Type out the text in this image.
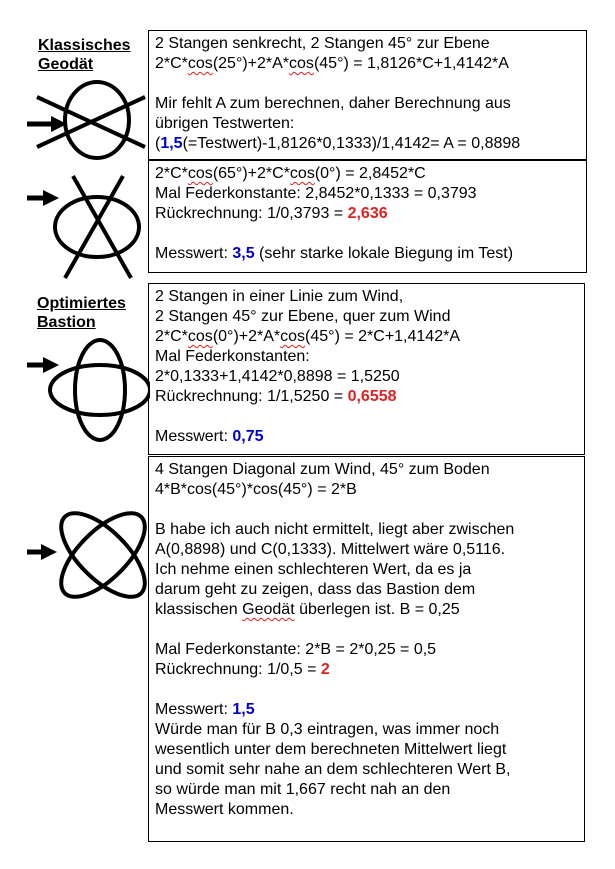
Klassisches
Geodät
Optimiertes
Bastion
2 Stangen senkrecht, 2 Stangen 45° zur Ebene
2*C*cos(25°)+2*A*cos(45°) = 1,8126*C+1,4142*A
Mir fehlt A zum berechnen, daher Berechnung aus
übrigen Testwerten:
(1,5(=Testwert)-1,8126*0,1333)/1,4142= A = 0,8898
2*C*cos(65°)+2*C*cos(0°) = 2,8452*C
Mal Federkonstante: 2,8452*0,1333 = 0,3793
Rückrechnung: 1/0,3793 = 2,636
Messwert: 3,5 (sehr starke lokale Biegung im Test)
2 Stangen in einer Linie zum Wind,
2 Stangen 45° zur Ebene, quer zum Wind
2*C*cos(0°)+2*A*cos(45°) = 2*C+1,4142*A
Mal Federkonstanten:
2*0,1333+1,4142*0,8898 = 1,5250
Rückrechnung: 1/1,5250 = 0,6558
Messwert: 0,75
4 Stangen Diagonal zum Wind, 45° zum Boden
4*B*cos(45°)*cos(45°) = 2*B
B habe ich auch nicht ermittelt, liegt aber zwischen
A(0,8898) und C(0,1333). Mittelwert wäre 0,5116.
Ich nehme einen schlechteren Wert, da es ja
darum geht zu zeigen, dass das Bastion dem
klassischen Geodät überlegen ist. B = 0,25
Mal Federkonstante: 2*B = 2*0,25 = 0,5
Rückrechnung: 1/0,5 = 2
Messwert: 1,5
Würde man für B 0,3 eintragen, was immer noch
wesentlich unter dem berechneten Mittelwert liegt
und somit sehr nahe an dem schlechteren Wert B,
so würde man mit 1,667 recht nah an den
Messwert kommen.
